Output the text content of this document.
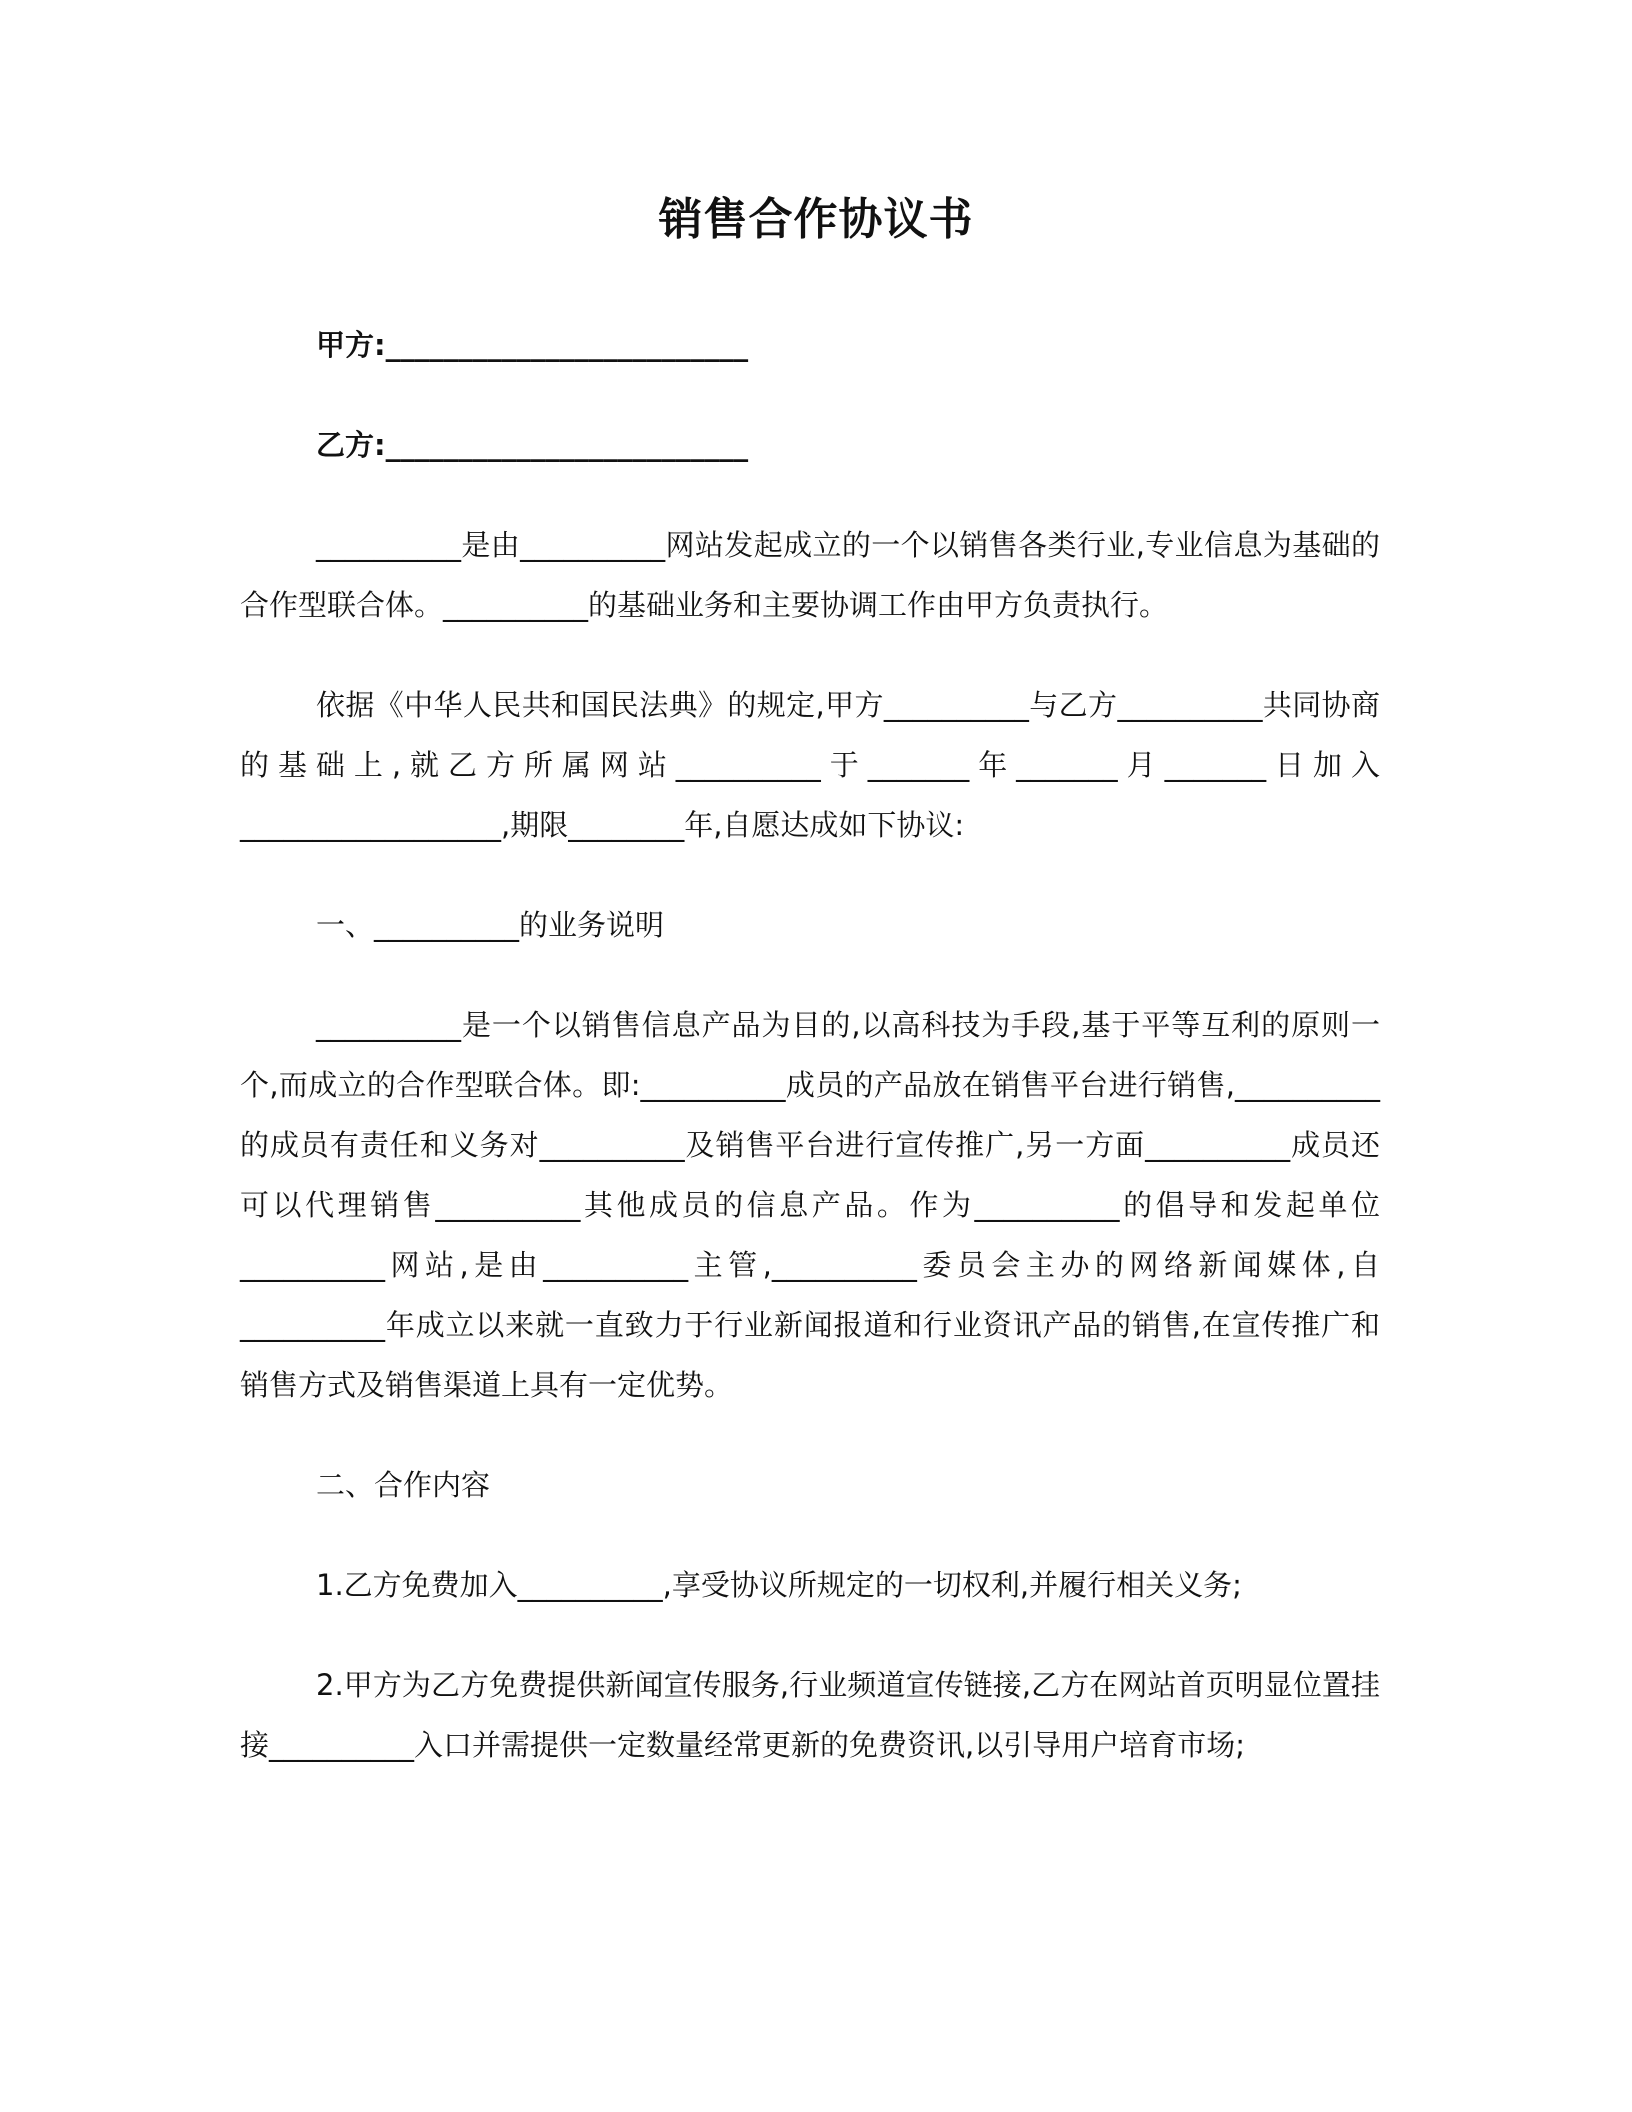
销售合作协议书

甲方:_________________________

乙方:_________________________

__________是由__________网站发起成立的一个以销售各类行业,专业信息为基础的合作型联合体。__________的基础业务和主要协调工作由甲方负责执行。

依据《中华人民共和国民法典》的规定,甲方__________与乙方__________共同协商的基础上,就乙方所属网站__________于_______年_______月_______日加入__________________,期限________年,自愿达成如下协议:

一、__________的业务说明

__________是一个以销售信息产品为目的,以高科技为手段,基于平等互利的原则一个,而成立的合作型联合体。即:__________成员的产品放在销售平台进行销售,__________的成员有责任和义务对__________及销售平台进行宣传推广,另一方面__________成员还可以代理销售__________其他成员的信息产品。作为__________的倡导和发起单位__________网站,是由__________主管,__________委员会主办的网络新闻媒体,自__________年成立以来就一直致力于行业新闻报道和行业资讯产品的销售,在宣传推广和销售方式及销售渠道上具有一定优势。

二、合作内容

1.乙方免费加入__________,享受协议所规定的一切权利,并履行相关义务;

2.甲方为乙方免费提供新闻宣传服务,行业频道宣传链接,乙方在网站首页明显位置挂接__________入口并需提供一定数量经常更新的免费资讯,以引导用户培育市场;
